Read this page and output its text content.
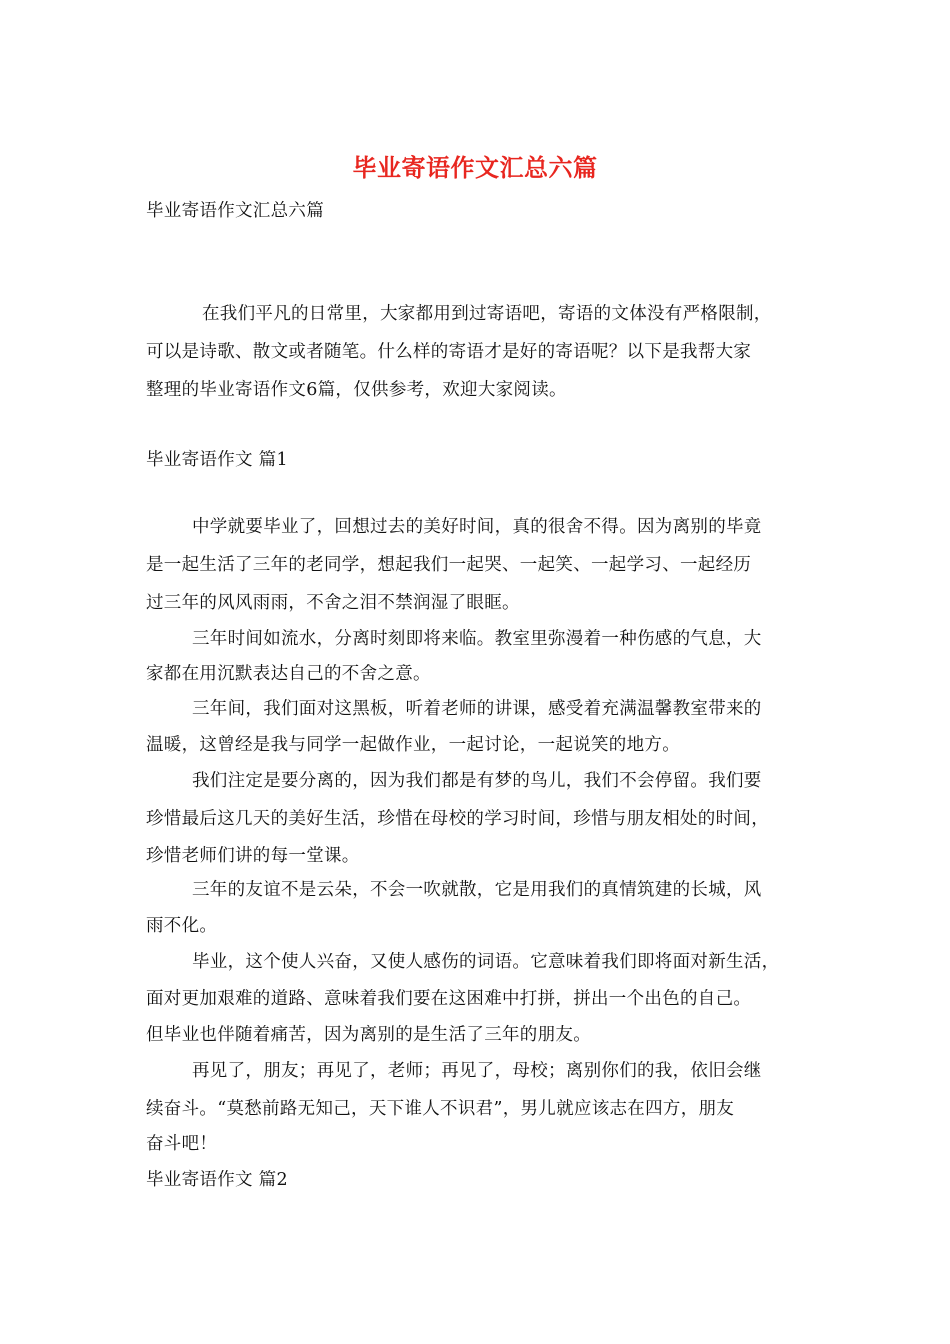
毕业寄语作文汇总六篇
毕业寄语作文汇总六篇
在我们平凡的日常里，大家都用到过寄语吧，寄语的文体没有严格限制，
可以是诗歌、散文或者随笔。什么样的寄语才是好的寄语呢？以下是我帮大家
整理的毕业寄语作文6篇，仅供参考，欢迎大家阅读。
毕业寄语作文 篇1
中学就要毕业了，回想过去的美好时间，真的很舍不得。因为离别的毕竟
是一起生活了三年的老同学，想起我们一起哭、一起笑、一起学习、一起经历
过三年的风风雨雨，不舍之泪不禁润湿了眼眶。
三年时间如流水，分离时刻即将来临。教室里弥漫着一种伤感的气息，大
家都在用沉默表达自己的不舍之意。
三年间，我们面对这黑板，听着老师的讲课，感受着充满温馨教室带来的
温暖，这曾经是我与同学一起做作业，一起讨论，一起说笑的地方。
我们注定是要分离的，因为我们都是有梦的鸟儿，我们不会停留。我们要
珍惜最后这几天的美好生活，珍惜在母校的学习时间，珍惜与朋友相处的时间，
珍惜老师们讲的每一堂课。
三年的友谊不是云朵，不会一吹就散，它是用我们的真情筑建的长城，风
雨不化。
毕业，这个使人兴奋，又使人感伤的词语。它意味着我们即将面对新生活，
面对更加艰难的道路、意味着我们要在这困难中打拼，拼出一个出色的自己。
但毕业也伴随着痛苦，因为离别的是生活了三年的朋友。
再见了，朋友；再见了，老师；再见了，母校；离别你们的我，依旧会继
续奋斗。“莫愁前路无知己，天下谁人不识君”，男儿就应该志在四方，朋友
奋斗吧！
毕业寄语作文 篇2
